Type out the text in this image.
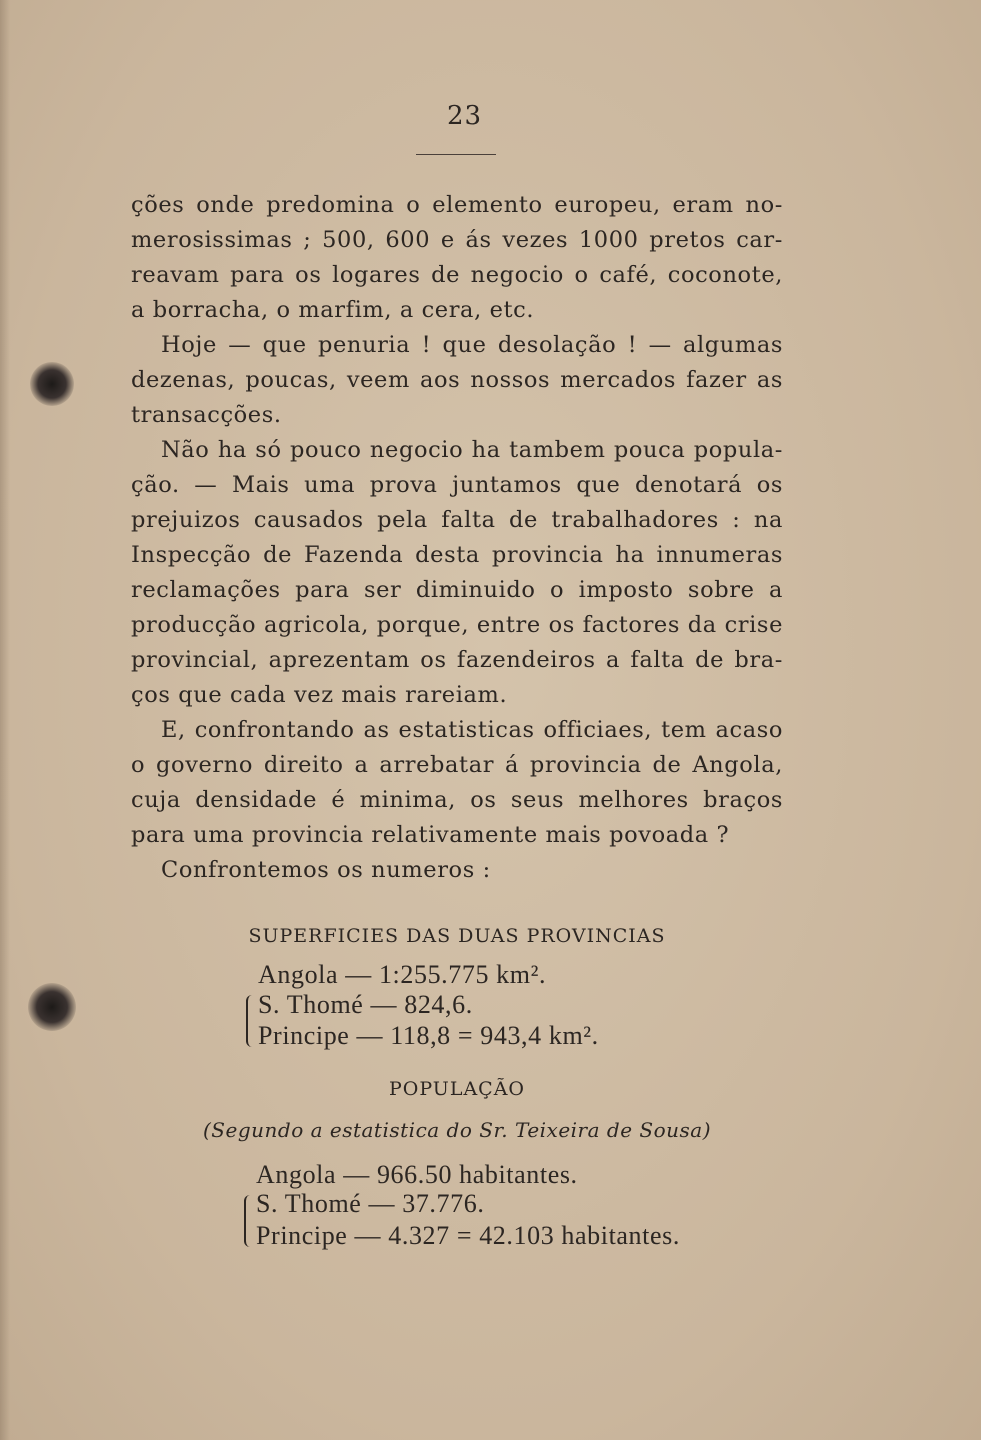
23
ções onde predomina o elemento europeu, eram no-
merosissimas ; 500, 600 e ás vezes 1000 pretos car-
reavam para os logares de negocio o café, coconote,
a borracha, o marfim, a cera, etc.
Hoje — que penuria ! que desolação ! — algumas
dezenas, poucas, veem aos nossos mercados fazer as
transacções.
Não ha só pouco negocio ha tambem pouca popula-
ção. — Mais uma prova juntamos que denotará os
prejuizos causados pela falta de trabalhadores : na
Inspecção de Fazenda desta provincia ha innumeras
reclamações para ser diminuido o imposto sobre a
producção agricola, porque, entre os factores da crise
provincial, aprezentam os fazendeiros a falta de bra-
ços que cada vez mais rareiam.
E, confrontando as estatisticas officiaes, tem acaso
o governo direito a arrebatar á provincia de Angola,
cuja densidade é minima, os seus melhores braços
para uma provincia relativamente mais povoada ?
Confrontemos os numeros :
SUPERFICIES DAS DUAS PROVINCIAS
Angola — 1:255.775 km².
S. Thomé — 824,6.
Principe — 118,8 = 943,4 km².
POPULAÇÃO
(Segundo a estatistica do Sr. Teixeira de Sousa)
Angola — 966.50 habitantes.
S. Thomé — 37.776.
Principe — 4.327 = 42.103 habitantes.
